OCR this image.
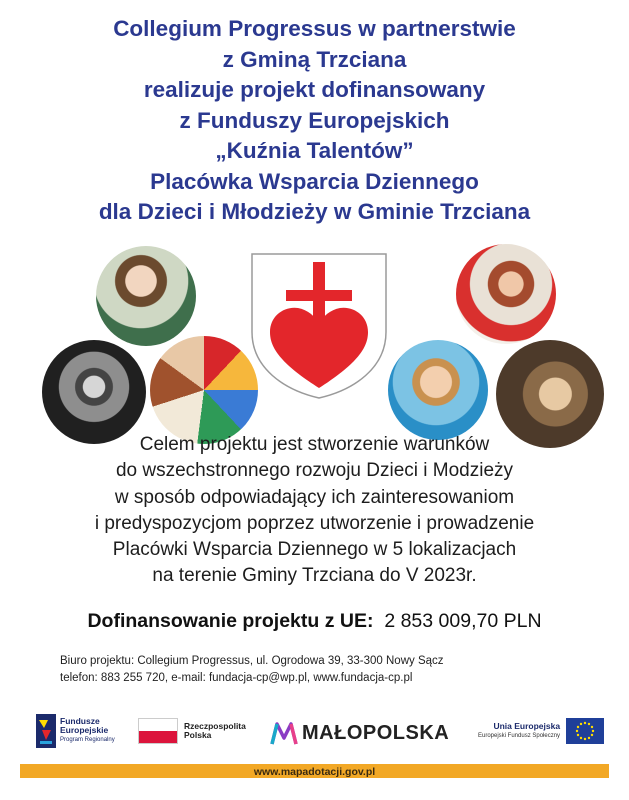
Collegium Progressus w partnerstwie
z Gminą Trzciana
realizuje projekt dofinansowany
z Funduszy Europejskich
„Kuźnia Talentów”
Placówka Wsparcia Dziennego
dla Dzieci i Młodzieży w Gminie Trzciana
Celem projektu jest stworzenie warunków
do wszechstronnego rozwoju Dzieci i Modzieży
w sposób odpowiadający ich zainteresowaniom
i predyspozycjom poprzez utworzenie i prowadzenie
Placówki Wsparcia Dziennego w 5 lokalizacjach
na terenie Gminy Trzciana do V 2023r.
Dofinansowanie projektu z UE: 2 853 009,70 PLN
Biuro projektu: Collegium Progressus, ul. Ogrodowa 39, 33-300 Nowy Sącz
telefon: 883 255 720, e-mail: fundacja-cp@wp.pl, www.fundacja-cp.pl
Fundusze
Europejskie
Program Regionalny
Rzeczpospolita
Polska	MAŁOPOLSKA	Unia Europejska
Europejski Fundusz Społeczny
www.mapadotacji.gov.pl
